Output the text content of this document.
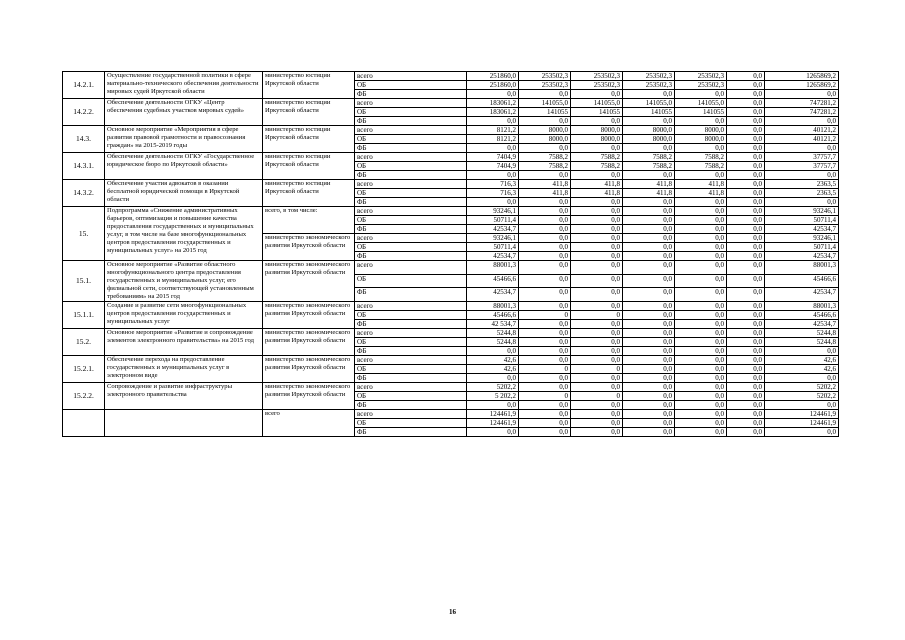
14.2.1.	Осуществление государственной политики в сфере материально-технического обеспечения деятельности мировых судей Иркутской области	министерство юстиции Иркутской области	всего	251860,0	253502,3	253502,3	253502,3	253502,3	0,0	1265869,2
			ОБ	251860,0	253502,3	253502,3	253502,3	253502,3	0,0	1265869,2
			ФБ	0,0	0,0	0,0	0,0	0,0	0,0	0,0
14.2.2.	Обеспечение деятельности ОГКУ «Центр обеспечения судебных участков мировых судей»	министерство юстиции Иркутской области	всего	183061,2	141055,0	141055,0	141055,0	141055,0	0,0	747281,2
			ОБ	183061,2	141055	141055	141055	141055	0,0	747281,2
			ФБ	0,0	0,0	0,0	0,0	0,0	0,0	0,0
14.3.	Основное мероприятие «Мероприятия в сфере развития правовой грамотности и правосознания граждан» на 2015-2019 годы	министерство юстиции Иркутской области	всего	8121,2	8000,0	8000,0	8000,0	8000,0	0,0	40121,2
			ОБ	8121,2	8000,0	8000,0	8000,0	8000,0	0,0	40121,2
			ФБ	0,0	0,0	0,0	0,0	0,0	0,0	0,0
14.3.1.	Обеспечение деятельности ОГКУ «Государственное юридическое бюро по Иркутской области»	министерство юстиции Иркутской области	всего	7404,9	7588,2	7588,2	7588,2	7588,2	0,0	37757,7
			ОБ	7404,9	7588,2	7588,2	7588,2	7588,2	0,0	37757,7
			ФБ	0,0	0,0	0,0	0,0	0,0	0,0	0,0
14.3.2.	Обеспечение участия адвокатов в оказании бесплатной юридической помощи в Иркутской области	министерство юстиции Иркутской области	всего	716,3	411,8	411,8	411,8	411,8	0,0	2363,5
			ОБ	716,3	411,8	411,8	411,8	411,8	0,0	2363,5
			ФБ	0,0	0,0	0,0	0,0	0,0	0,0	0,0
15.	Подпрограмма «Снижение административных барьеров, оптимизация и повышение качества предоставления государственных и муниципальных услуг, в том числе на базе многофункциональных центров предоставления государственных и муниципальных услуг» на 2015 год	всего, в том числе:	всего	93246,1	0,0	0,0	0,0	0,0	0,0	93246,1
			ОБ	50711,4	0,0	0,0	0,0	0,0	0,0	50711,4
			ФБ	42534,7	0,0	0,0	0,0	0,0	0,0	42534,7
		министерство экономического развития Иркутской области	всего	93246,1	0,0	0,0	0,0	0,0	0,0	93246,1
			ОБ	50711,4	0,0	0,0	0,0	0,0	0,0	50711,4
			ФБ	42534,7	0,0	0,0	0,0	0,0	0,0	42534,7
15.1.	Основное мероприятие «Развитие областного многофункционального центра предоставления государственных и муниципальных услуг, его филиальной сети, соответствующей установленным требованиям» на 2015 год	министерство экономического развития Иркутской области	всего	88001,3	0,0	0,0	0,0	0,0	0,0	88001,3
			ОБ	45466,6	0,0	0,0	0,0	0,0	0,0	45466,6
			ФБ	42534,7	0,0	0,0	0,0	0,0	0,0	42534,7
15.1.1.	Создание и развитие сети многофункциональных центров предоставления государственных и муниципальных услуг	министерство экономического развития Иркутской области	всего	88001,3	0,0	0,0	0,0	0,0	0,0	88001,3
			ОБ	45466,6	0	0	0,0	0,0	0,0	45466,6
			ФБ	42 534,7	0,0	0,0	0,0	0,0	0,0	42534,7
15.2.	Основное мероприятие «Развитие и сопровождение элементов электронного правительства» на 2015 год	министерство экономического развития Иркутской области	всего	5244,8	0,0	0,0	0,0	0,0	0,0	5244,8
			ОБ	5244,8	0,0	0,0	0,0	0,0	0,0	5244,8
			ФБ	0,0	0,0	0,0	0,0	0,0	0,0	0,0
15.2.1.	Обеспечение перехода на предоставление государственных и муниципальных услуг в электронном виде	министерство экономического развития Иркутской области	всего	42,6	0,0	0,0	0,0	0,0	0,0	42,6
			ОБ	42,6	0	0	0,0	0,0	0,0	42,6
			ФБ	0,0	0,0	0,0	0,0	0,0	0,0	0,0
15.2.2.	Сопровождение и развитие инфраструктуры электронного правительства	министерство экономического развития Иркутской области	всего	5202,2	0,0	0,0	0,0	0,0	0,0	5202,2
			ОБ	5 202,2	0	0	0,0	0,0	0,0	5202,2
			ФБ	0,0	0,0	0,0	0,0	0,0	0,0	0,0
		всего	всего	124461,9	0,0	0,0	0,0	0,0	0,0	124461,9
			ОБ	124461,9	0,0	0,0	0,0	0,0	0,0	124461,9
			ФБ	0,0	0,0	0,0	0,0	0,0	0,0	0,0
16
